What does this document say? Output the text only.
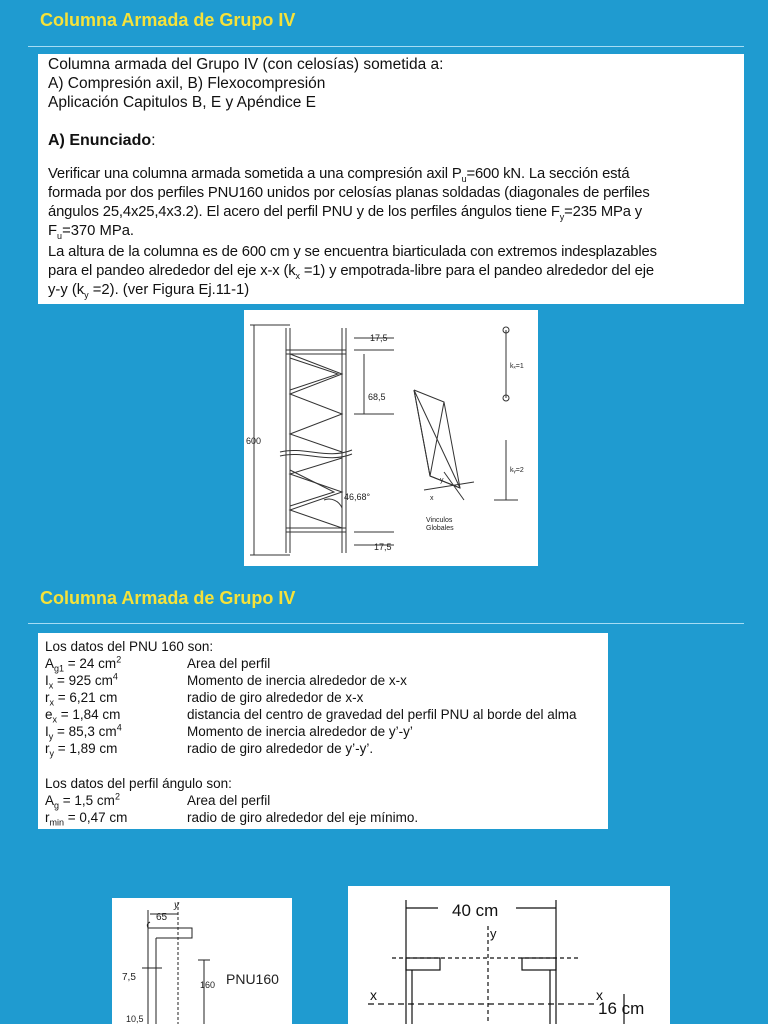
Columna Armada de Grupo IV
Columna armada del Grupo IV (con celosías) sometida a:
A) Compresión axil, B) Flexocompresión
Aplicación Capitulos B, E y Apéndice E
A) Enunciado:
Verificar una columna armada sometida a una compresión axil $P_u=600$ kN. La sección está
formada por dos perfiles PNU160 unidos por celosías planas soldadas (diagonales de perfiles
ángulos 25,4x25,4x3.2). El acero del perfil PNU y de los perfiles ángulos tiene $F_y=235$ MPa y
$F_u=370$ MPa.
La altura de la columna es de 600 cm y se encuentra biarticulada con extremos indesplazables
para el pandeo alrededor del eje x-x $(k_x =1)$ y empotrada-libre para el pandeo alrededor del eje
y-y $(k_y =2)$. (ver Figura Ej.11-1)
600
17,5
68,5
46,68°
17,5
kₓ=1
kᵧ=2
Vinculos
Globales
x
y
Columna Armada de Grupo IV
Los datos del PNU 160 son:
$A_{g1} = 24$ $cm^2$	Area del perfil
$I_x = 925$ $cm^4$	Momento de inercia alrededor de x-x
$r_x = 6,21$ cm	radio de giro alrededor de x-x
$e_x = 1,84$ cm	distancia del centro de gravedad del perfil PNU al borde del alma
$I_y = 85,3$ $cm^4$	Momento de inercia alrededor de y’-y’
$r_y = 1,89$ cm	radio de giro alrededor de y’-y’.
Los datos del perfil ángulo son:
$A_g = 1,5$ $cm^2$	Area del perfil
$r_{min} = 0,47$ cm	radio de giro alrededor del eje mínimo.
65
y
7,5
160 PNU160
10,5
40 cm
y
x	x
16 cm
